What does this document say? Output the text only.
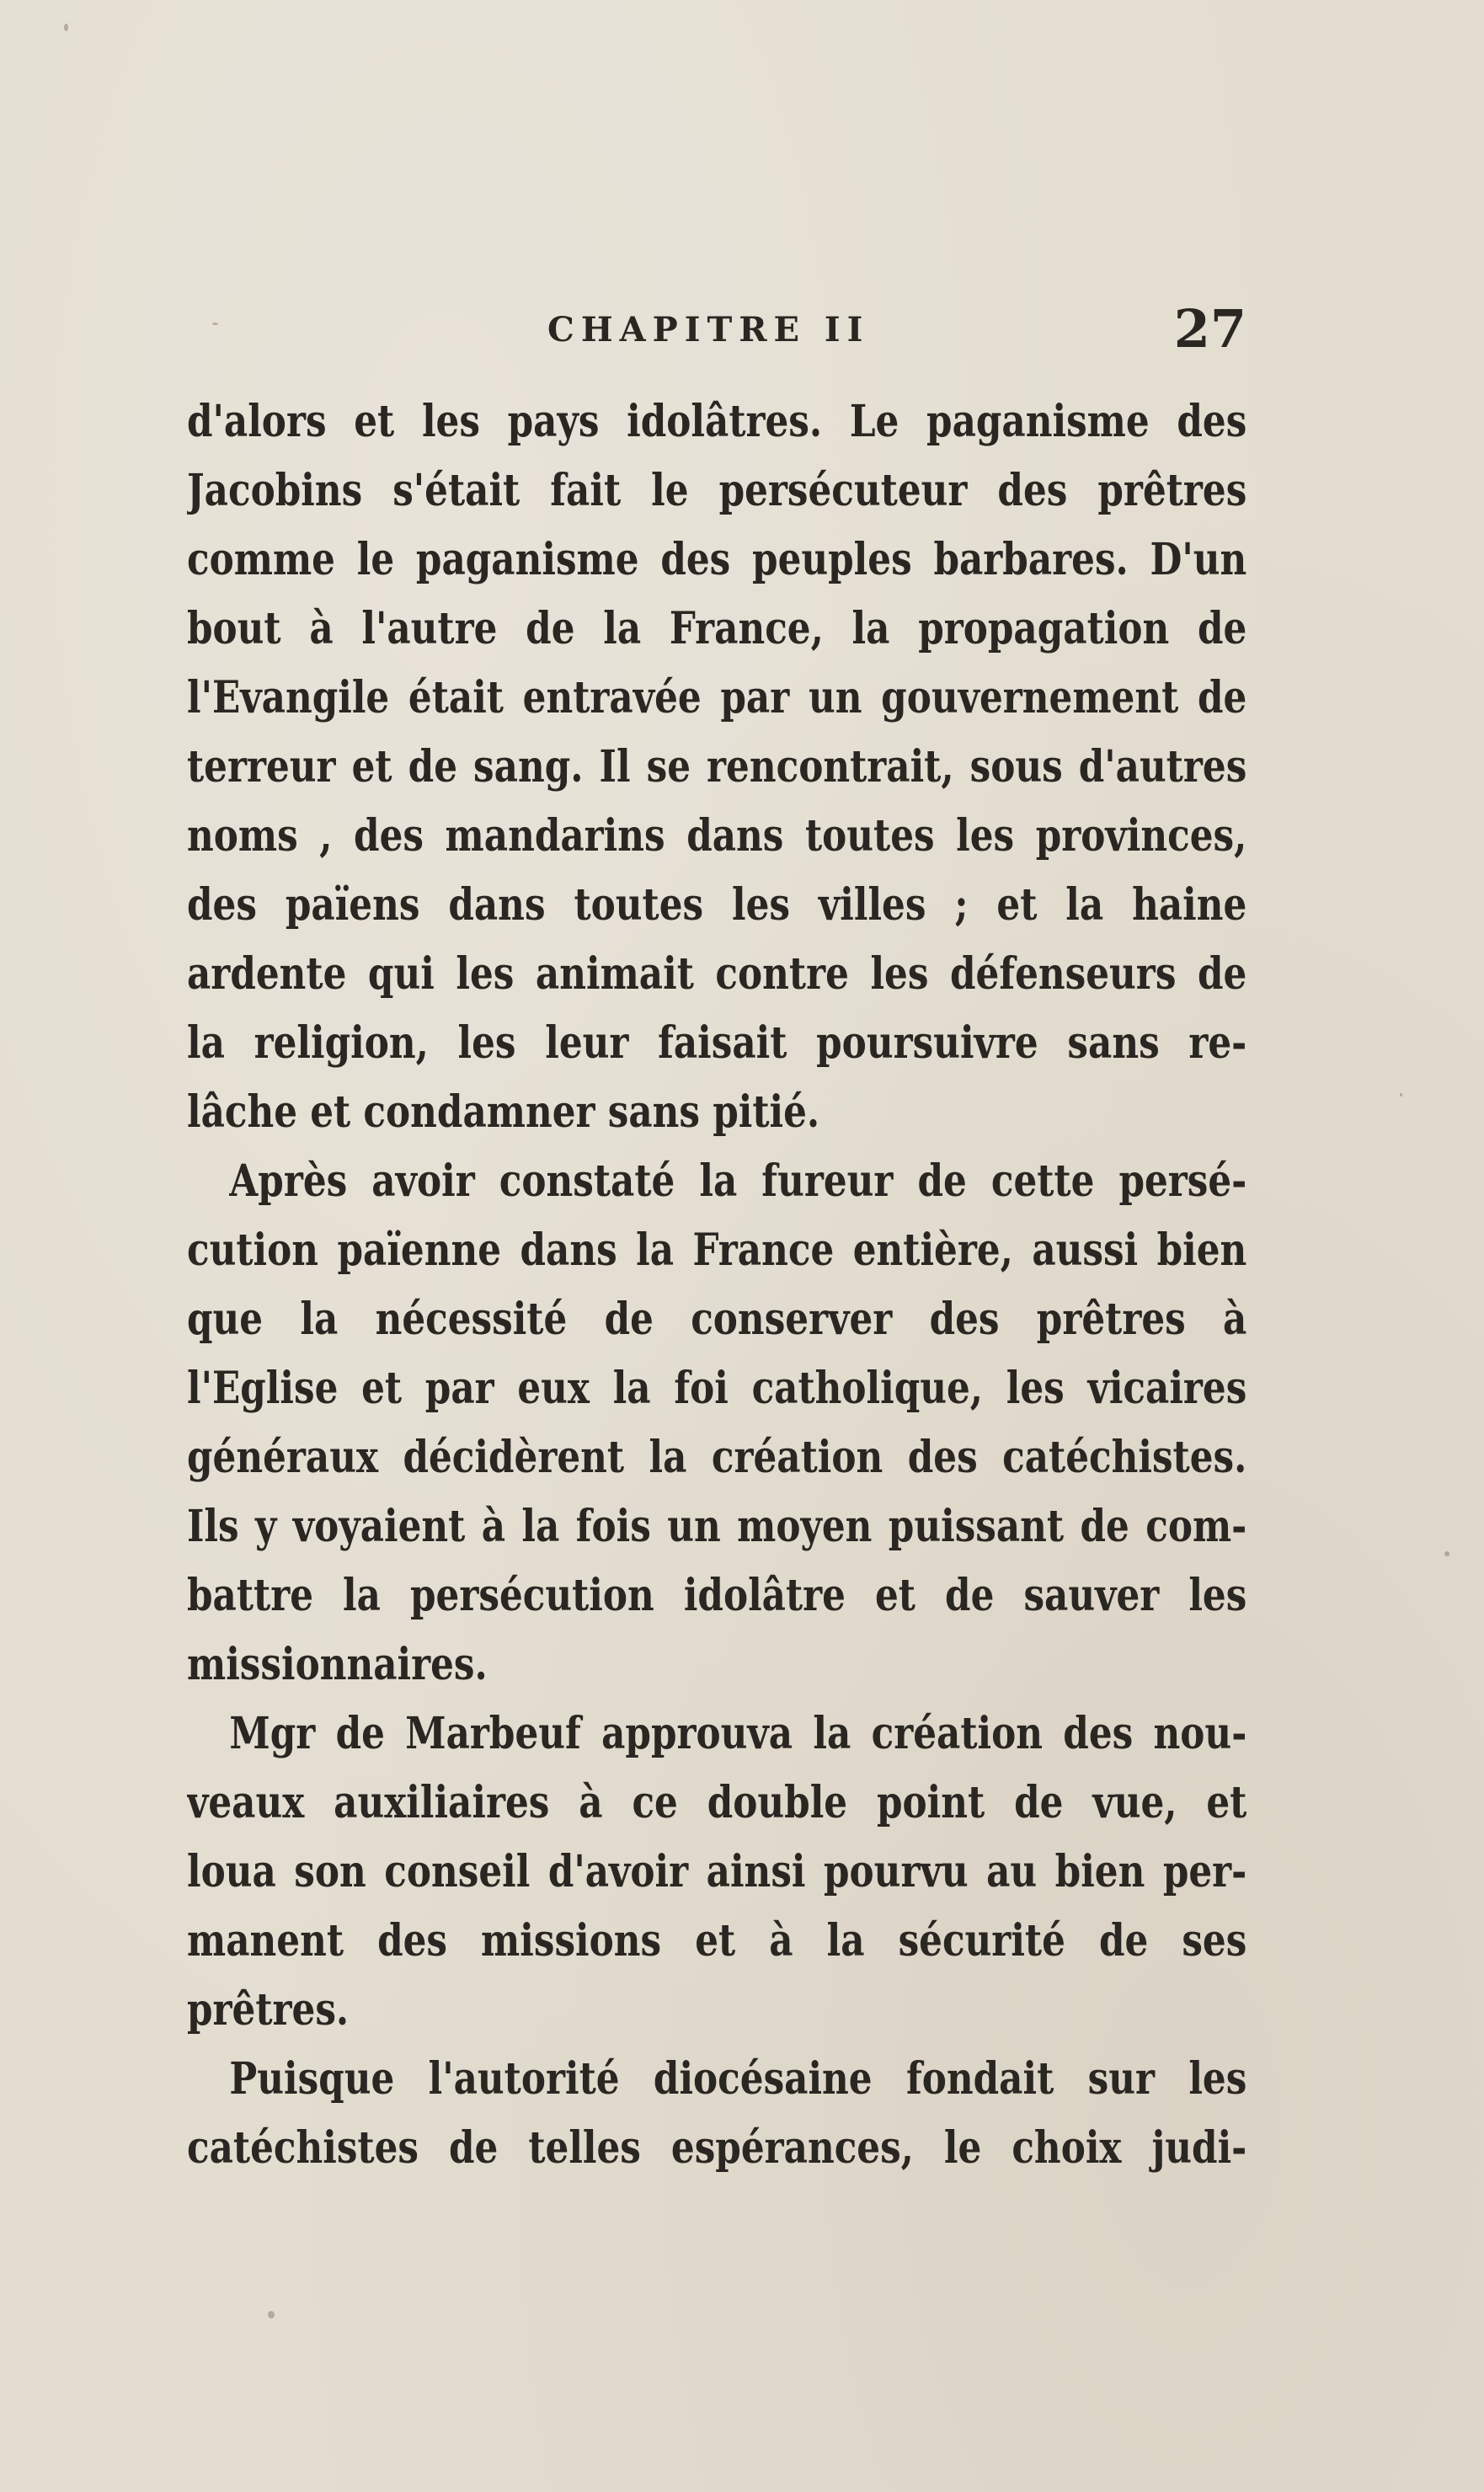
CHAPITRE II	27
d'alors et les pays idolâtres. Le paganisme des
Jacobins s'était fait le persécuteur des prêtres
comme le paganisme des peuples barbares. D'un
bout à l'autre de la France, la propagation de
l'Evangile était entravée par un gouvernement de
terreur et de sang. Il se rencontrait, sous d'autres
noms , des mandarins dans toutes les provinces,
des païens dans toutes les villes ; et la haine
ardente qui les animait contre les défenseurs de
la religion, les leur faisait poursuivre sans re-
lâche et condamner sans pitié.
Après avoir constaté la fureur de cette persé-
cution païenne dans la France entière, aussi bien
que la nécessité de conserver des prêtres à
l'Eglise et par eux la foi catholique, les vicaires
généraux décidèrent la création des catéchistes.
Ils y voyaient à la fois un moyen puissant de com-
battre la persécution idolâtre et de sauver les
missionnaires.
Mgr de Marbeuf approuva la création des nou-
veaux auxiliaires à ce double point de vue, et
loua son conseil d'avoir ainsi pourvu au bien per-
manent des missions et à la sécurité de ses
prêtres.
Puisque l'autorité diocésaine fondait sur les
catéchistes de telles espérances, le choix judi-
